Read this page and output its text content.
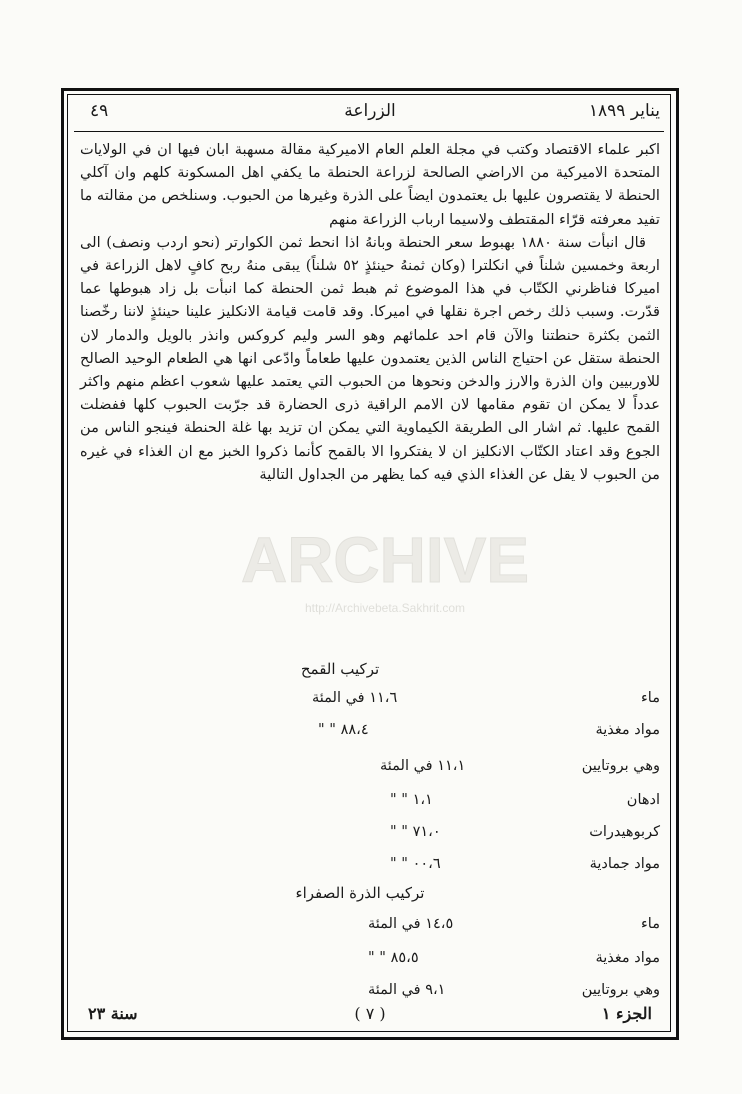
يناير ١٨٩٩
الزراعة
٤٩

اكبر علماء الاقتصاد وكتب في مجلة العلم العام الاميركية مقالة مسهبة ابان فيها ان في الولايات المتحدة الاميركية من الاراضي الصالحة لزراعة الحنطة ما يكفي اهل المسكونة كلهم وان آكلي الحنطة لا يقتصرون عليها بل يعتمدون ايضاً على الذرة وغيرها من الحبوب. وسنلخص من مقالته ما تفيد معرفته قرّاء المقتطف ولاسيما ارباب الزراعة منهم

قال انبأت سنة ١٨٨٠ بهبوط سعر الحنطة وبانهُ اذا انحط ثمن الكوارتر (نحو اردب ونصف) الى اربعة وخمسين شلناً في انكلترا (وكان ثمنهُ حينئذٍ ٥٢ شلناً) يبقى منهُ ربح كافٍ لاهل الزراعة في اميركا فناظرني الكتّاب في هذا الموضوع ثم هبط ثمن الحنطة كما انبأت بل زاد هبوطها عما قدّرت. وسبب ذلك رخص اجرة نقلها في اميركا. وقد قامت قيامة الانكليز علينا حينئذٍ لاننا رخّصنا الثمن بكثرة حنطتنا والآن قام احد علمائهم وهو السر وليم كروكس وانذر بالويل والدمار لان الحنطة ستقل عن احتياج الناس الذين يعتمدون عليها طعاماً وادّعى انها هي الطعام الوحيد الصالح للاوربيين وان الذرة والارز والدخن ونحوها من الحبوب التي يعتمد عليها شعوب اعظم منهم واكثر عدداً لا يمكن ان تقوم مقامها لان الامم الراقية ذرى الحضارة قد جرّبت الحبوب كلها ففضلت القمح عليها. ثم اشار الى الطريقة الكيماوية التي يمكن ان تزيد بها غلة الحنطة فينجو الناس من الجوع وقد اعتاد الكتّاب الانكليز ان لا يفتكروا الا بالقمح كأنما ذكروا الخبز مع ان الغذاء في غيره من الحبوب لا يقل عن الغذاء الذي فيه كما يظهر من الجداول التالية

تركيب القمح
ماء
١١،٦ في المئة
مواد مغذية
٨٨،٤ " "
وهي بروتايين
١١،١ في المئة
ادهان
١،١ " "
كربوهيدرات
٧١،٠ " "
مواد جمادية
٠٠،٦ " "
تركيب الذرة الصفراء
ماء
١٤،٥ في المئة
مواد مغذية
٨٥،٥ " "
وهي بروتايين
٩،١ في المئة
الجزء ١
( ٧ )
سنة ٢٣
ARCHIVE
http://Archivebeta.Sakhrit.com
